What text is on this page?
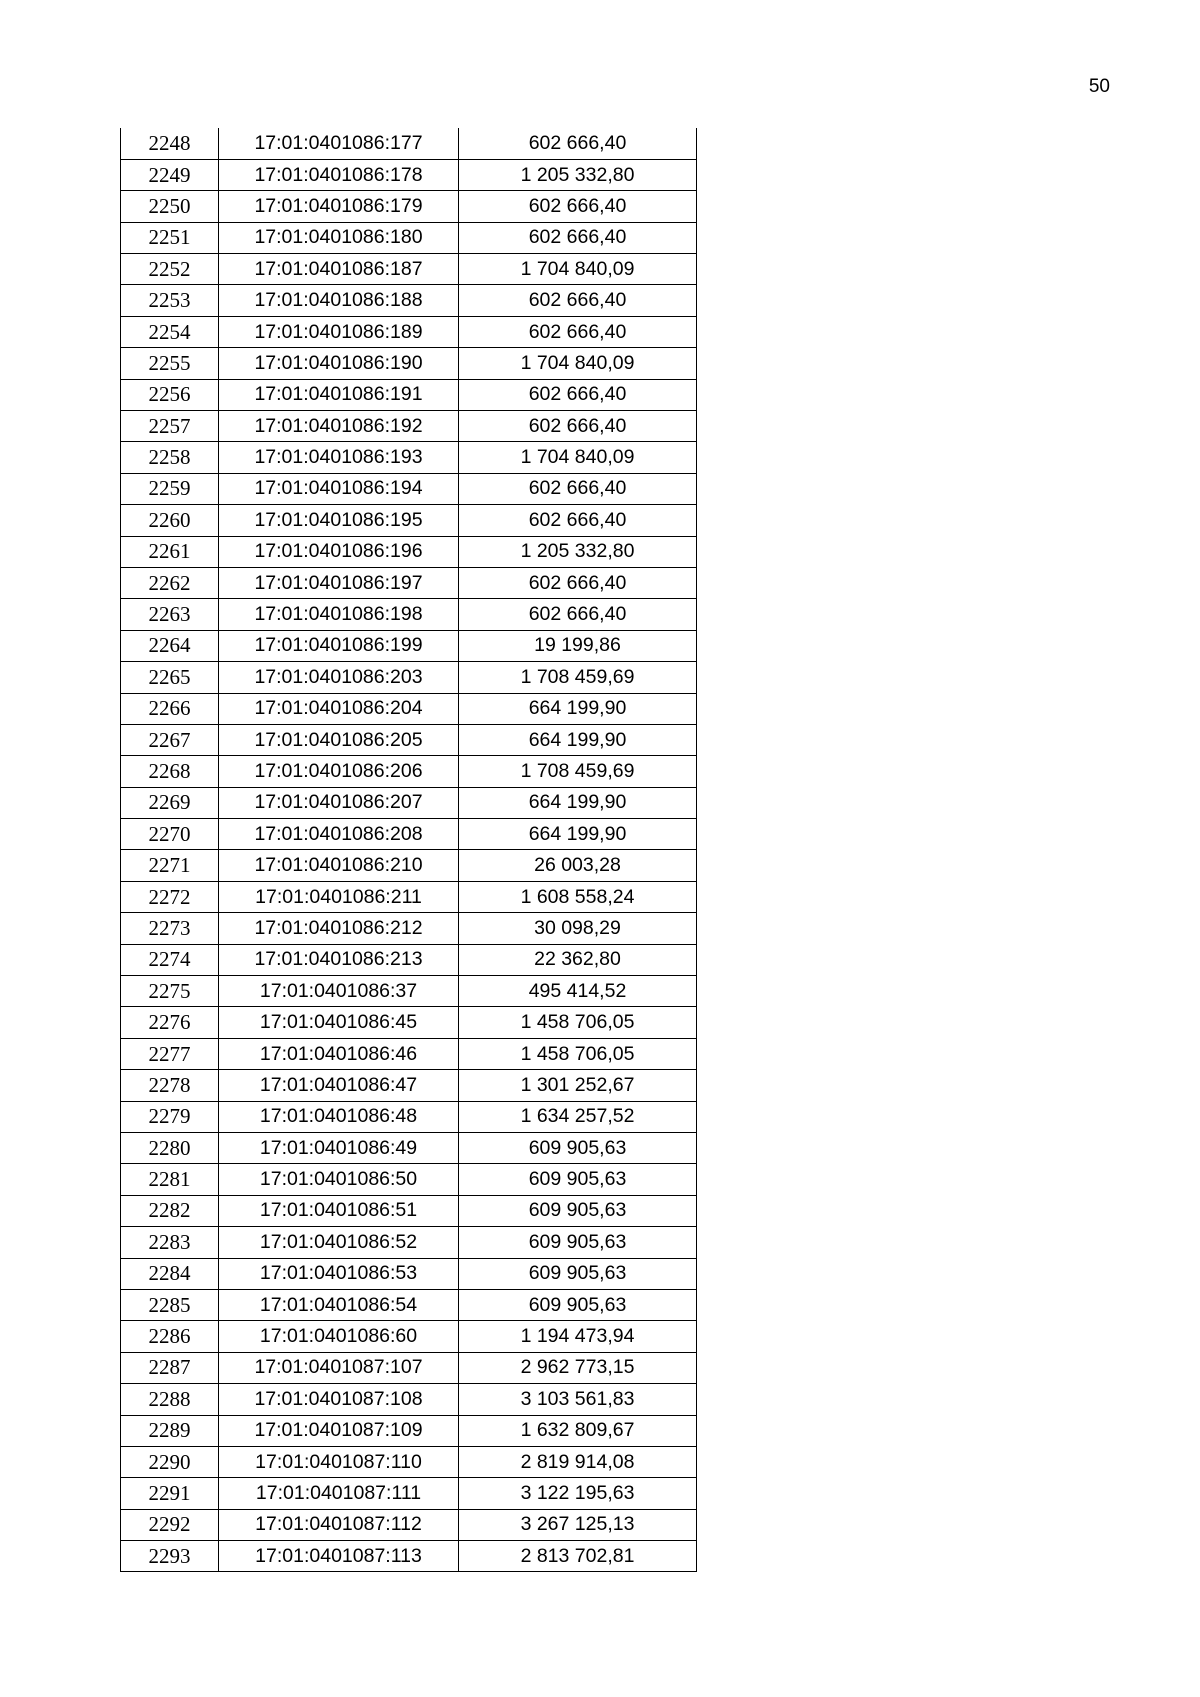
50
2248	17:01:0401086:177	602 666,40
2249	17:01:0401086:178	1 205 332,80
2250	17:01:0401086:179	602 666,40
2251	17:01:0401086:180	602 666,40
2252	17:01:0401086:187	1 704 840,09
2253	17:01:0401086:188	602 666,40
2254	17:01:0401086:189	602 666,40
2255	17:01:0401086:190	1 704 840,09
2256	17:01:0401086:191	602 666,40
2257	17:01:0401086:192	602 666,40
2258	17:01:0401086:193	1 704 840,09
2259	17:01:0401086:194	602 666,40
2260	17:01:0401086:195	602 666,40
2261	17:01:0401086:196	1 205 332,80
2262	17:01:0401086:197	602 666,40
2263	17:01:0401086:198	602 666,40
2264	17:01:0401086:199	19 199,86
2265	17:01:0401086:203	1 708 459,69
2266	17:01:0401086:204	664 199,90
2267	17:01:0401086:205	664 199,90
2268	17:01:0401086:206	1 708 459,69
2269	17:01:0401086:207	664 199,90
2270	17:01:0401086:208	664 199,90
2271	17:01:0401086:210	26 003,28
2272	17:01:0401086:211	1 608 558,24
2273	17:01:0401086:212	30 098,29
2274	17:01:0401086:213	22 362,80
2275	17:01:0401086:37	495 414,52
2276	17:01:0401086:45	1 458 706,05
2277	17:01:0401086:46	1 458 706,05
2278	17:01:0401086:47	1 301 252,67
2279	17:01:0401086:48	1 634 257,52
2280	17:01:0401086:49	609 905,63
2281	17:01:0401086:50	609 905,63
2282	17:01:0401086:51	609 905,63
2283	17:01:0401086:52	609 905,63
2284	17:01:0401086:53	609 905,63
2285	17:01:0401086:54	609 905,63
2286	17:01:0401086:60	1 194 473,94
2287	17:01:0401087:107	2 962 773,15
2288	17:01:0401087:108	3 103 561,83
2289	17:01:0401087:109	1 632 809,67
2290	17:01:0401087:110	2 819 914,08
2291	17:01:0401087:111	3 122 195,63
2292	17:01:0401087:112	3 267 125,13
2293	17:01:0401087:113	2 813 702,81
